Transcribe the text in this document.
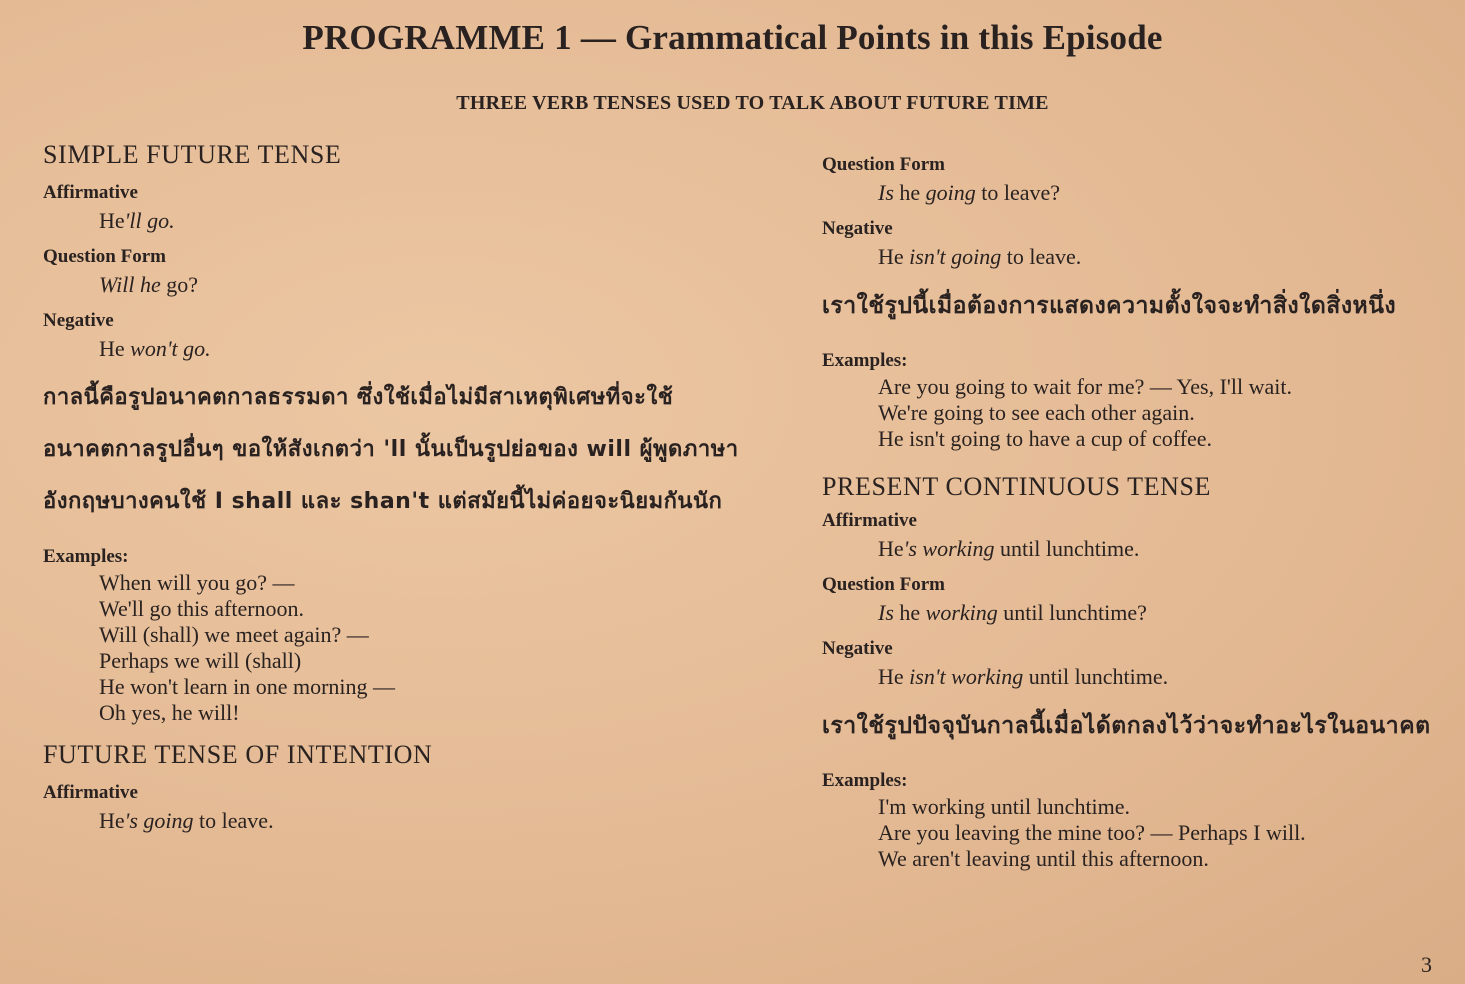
PROGRAMME 1 — Grammatical Points in this Episode
THREE VERB TENSES USED TO TALK ABOUT FUTURE TIME
SIMPLE FUTURE TENSE
Affirmative
He'll go.
Question Form
Will he go?
Negative
He won't go.
กาลนี้คือรูปอนาคตกาลธรรมดา ซึ่งใช้เมื่อไม่มีสาเหตุพิเศษที่จะใช้อนาคตกาลรูปอื่นๆ ขอให้สังเกตว่า 'll นั้นเป็นรูปย่อของ will ผู้พูดภาษาอังกฤษบางคนใช้ I shall และ shan't แต่สมัยนี้ไม่ค่อยจะนิยมกันนัก
Examples:
When will you go? —
We'll go this afternoon.
Will (shall) we meet again? —
Perhaps we will (shall)
He won't learn in one morning —
Oh yes, he will!
FUTURE TENSE OF INTENTION
Affirmative
He's going to leave.
Question Form
Is he going to leave?
Negative
He isn't going to leave.
เราใช้รูปนี้เมื่อต้องการแสดงความตั้งใจจะทำสิ่งใดสิ่งหนึ่ง
Examples:
Are you going to wait for me? — Yes, I'll wait.
We're going to see each other again.
He isn't going to have a cup of coffee.
PRESENT CONTINUOUS TENSE
Affirmative
He's working until lunchtime.
Question Form
Is he working until lunchtime?
Negative
He isn't working until lunchtime.
เราใช้รูปปัจจุบันกาลนี้เมื่อได้ตกลงไว้ว่าจะทำอะไรในอนาคต
Examples:
I'm working until lunchtime.
Are you leaving the mine too? — Perhaps I will.
We aren't leaving until this afternoon.
3
